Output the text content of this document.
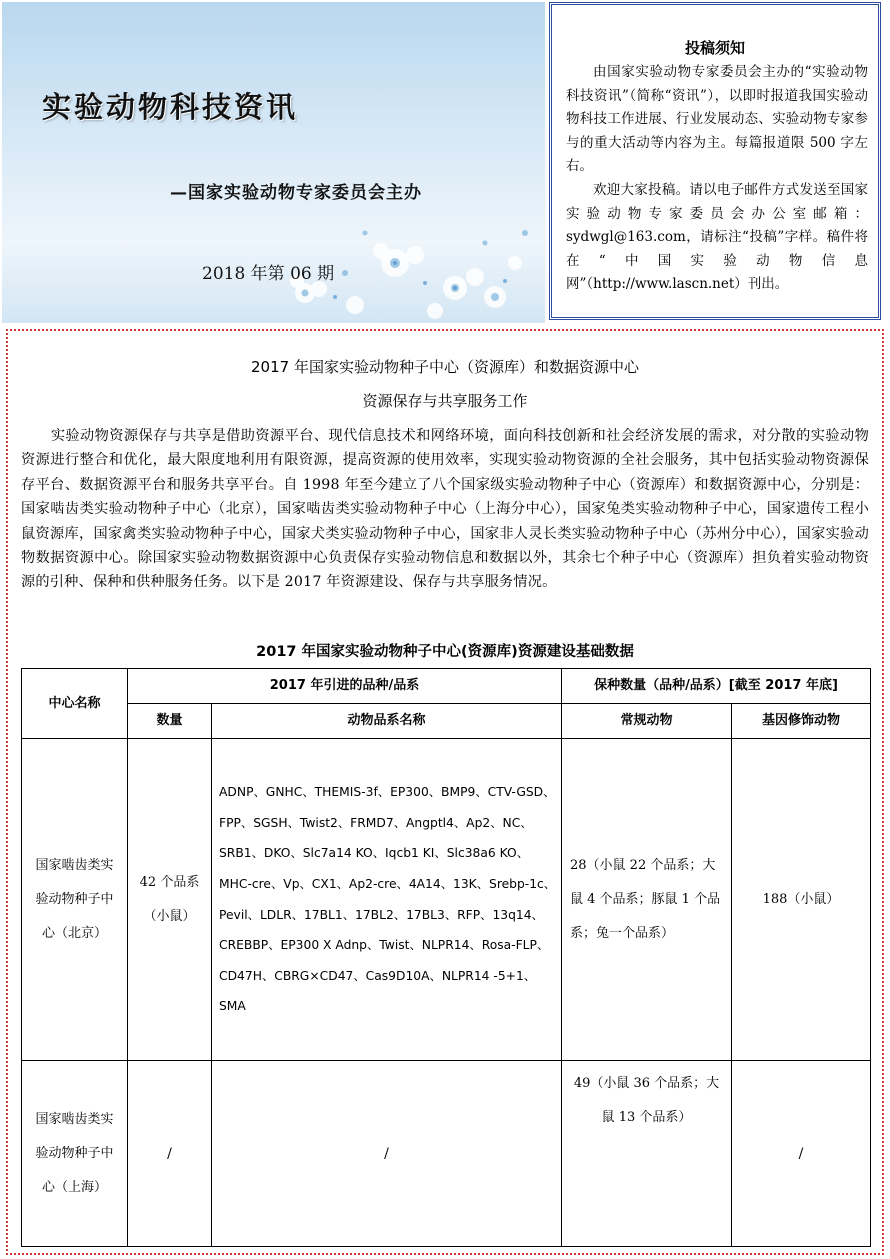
实验动物科技资讯
—国家实验动物专家委员会主办
2018 年第 06 期
投稿须知

由国家实验动物专家委员会主办的“实验动物科技资讯”（简称“资讯”），以即时报道我国实验动物科技工作进展、行业发展动态、实验动物专家参与的重大活动等内容为主。每篇报道限 500 字左右。

欢迎大家投稿。请以电子邮件方式发送至国家实验动物专家委员会办公室邮箱：sydwgl@163.com，请标注“投稿”字样。稿件将在“中国实验动物信息网”（http://www.lascn.net）刊出。

2017 年国家实验动物种子中心（资源库）和数据资源中心
资源保存与共享服务工作

实验动物资源保存与共享是借助资源平台、现代信息技术和网络环境，面向科技创新和社会经济发展的需求，对分散的实验动物资源进行整合和优化，最大限度地利用有限资源，提高资源的使用效率，实现实验动物资源的全社会服务，其中包括实验动物资源保存平台、数据资源平台和服务共享平台。自 1998 年至今建立了八个国家级实验动物种子中心（资源库）和数据资源中心，分别是：国家啮齿类实验动物种子中心（北京），国家啮齿类实验动物种子中心（上海分中心），国家兔类实验动物种子中心，国家遗传工程小鼠资源库，国家禽类实验动物种子中心，国家犬类实验动物种子中心，国家非人灵长类实验动物种子中心（苏州分中心），国家实验动物数据资源中心。除国家实验动物数据资源中心负责保存实验动物信息和数据以外，其余七个种子中心（资源库）担负着实验动物资源的引种、保种和供种服务任务。以下是 2017 年资源建设、保存与共享服务情况。

2017 年国家实验动物种子中心(资源库)资源建设基础数据
中心名称	2017 年引进的品种/品系		保种数量（品种/品系）[截至 2017 年底]	
	数量	动物品系名称	常规动物	基因修饰动物
国家啮齿类实验动物种子中心（北京）	42 个品系（小鼠）	ADNP、GNHC、THEMIS-3f、EP300、BMP9、CTV-GSD、FPP、SGSH、Twist2、FRMD7、Angptl4、Ap2、NC、SRB1、DKO、Slc7a14 KO、Iqcb1 KI、Slc38a6 KO、MHC-cre、Vp、CX1、Ap2-cre、4A14、13K、Srebp-1c、Pevil、LDLR、17BL1、17BL2、17BL3、RFP、13q14、CREBBP、EP300 X Adnp、Twist、NLPR14、Rosa-FLP、CD47H、CBRG×CD47、Cas9D10A、NLPR14 -5+1、SMA	28（小鼠 22 个品系；大鼠 4 个品系；豚鼠 1 个品系；兔一个品系）	188（小鼠）
国家啮齿类实验动物种子中心（上海）	/	/	49（小鼠 36 个品系；大鼠 13 个品系）	/
